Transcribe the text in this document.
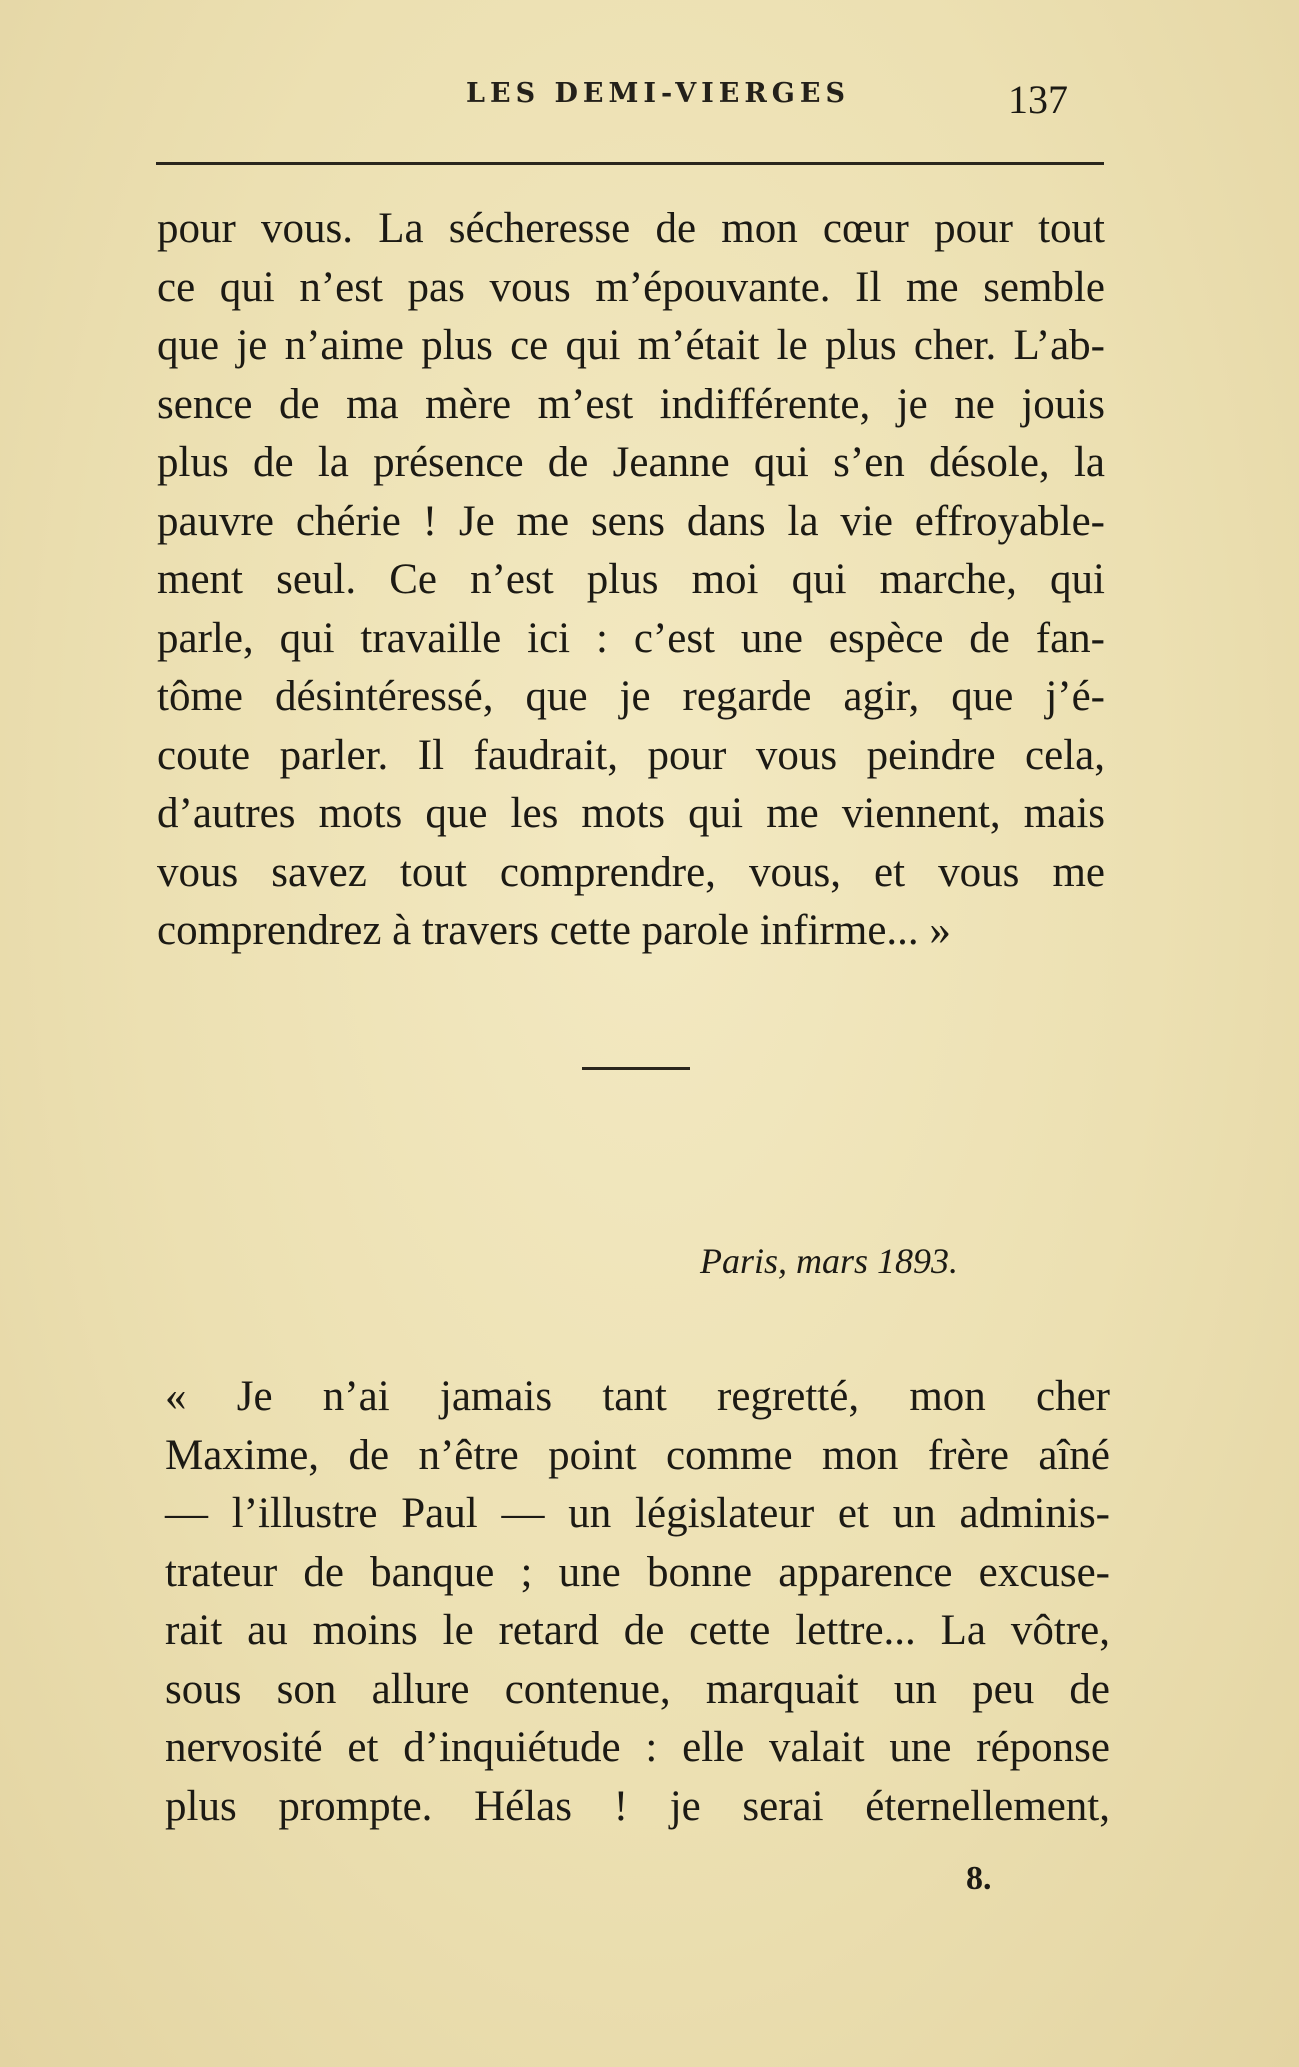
LES DEMI-VIERGES	137
pour vous. La sécheresse de mon cœur pour tout
ce qui n’est pas vous m’épouvante. Il me semble
que je n’aime plus ce qui m’était le plus cher. L’ab-
sence de ma mère m’est indifférente, je ne jouis
plus de la présence de Jeanne qui s’en désole, la
pauvre chérie ! Je me sens dans la vie effroyable-
ment seul. Ce n’est plus moi qui marche, qui
parle, qui travaille ici : c’est une espèce de fan-
tôme désintéressé, que je regarde agir, que j’é-
coute parler. Il faudrait, pour vous peindre cela,
d’autres mots que les mots qui me viennent, mais
vous savez tout comprendre, vous, et vous me
comprendrez à travers cette parole infirme... »
Paris, mars 1893.
« Je n’ai jamais tant regretté, mon cher
Maxime, de n’être point comme mon frère aîné
— l’illustre Paul — un législateur et un adminis-
trateur de banque ; une bonne apparence excuse-
rait au moins le retard de cette lettre... La vôtre,
sous son allure contenue, marquait un peu de
nervosité et d’inquiétude : elle valait une réponse
plus prompte. Hélas ! je serai éternellement,
8.
